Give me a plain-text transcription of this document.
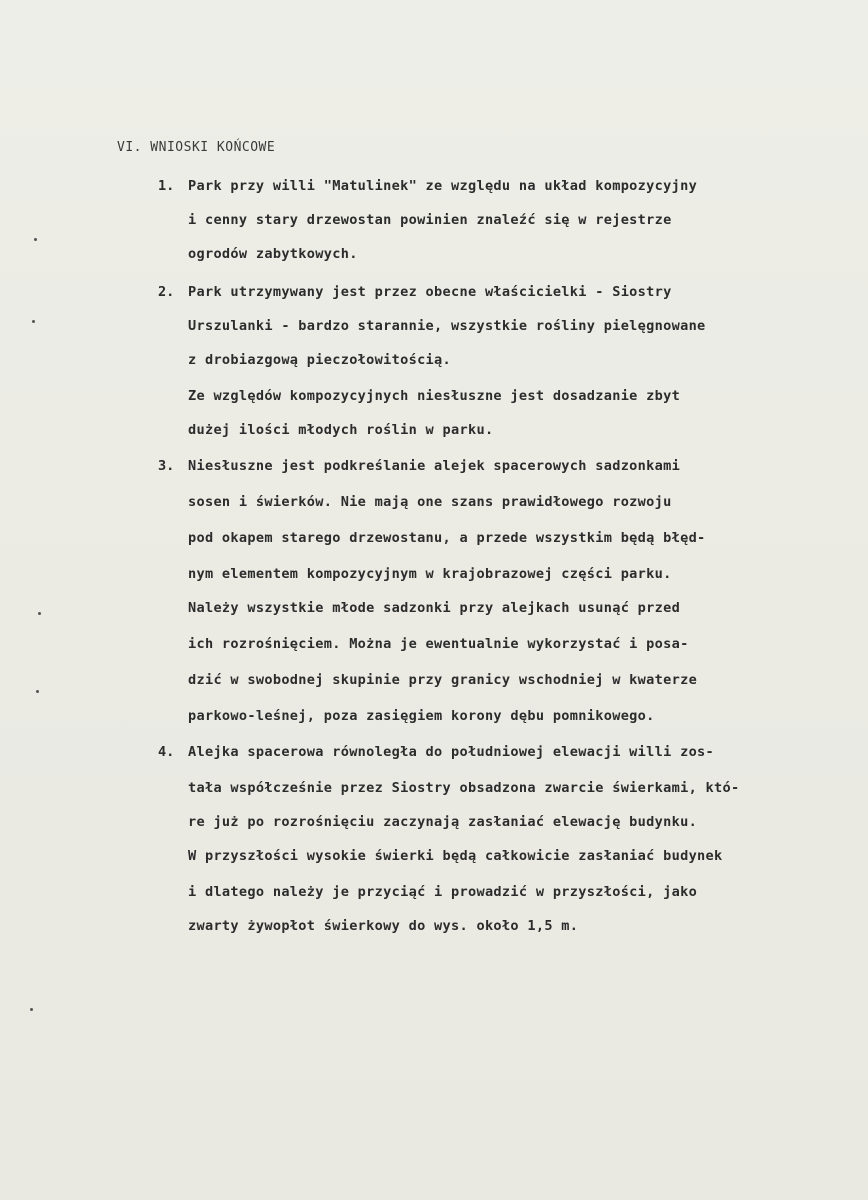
VI. WNIOSKI KOŃCOWE
1. Park przy willi "Matulinek" ze względu na układ kompozycyjny
i cenny stary drzewostan powinien znaleźć się w rejestrze
ogrodów zabytkowych.
2. Park utrzymywany jest przez obecne właścicielki - Siostry
Urszulanki - bardzo starannie, wszystkie rośliny pielęgnowane
z drobiazgową pieczołowitością.
Ze względów kompozycyjnych niesłuszne jest dosadzanie zbyt
dużej ilości młodych roślin w parku.
3. Niesłuszne jest podkreślanie alejek spacerowych sadzonkami
sosen i świerków. Nie mają one szans prawidłowego rozwoju
pod okapem starego drzewostanu, a przede wszystkim będą błęd-
nym elementem kompozycyjnym w krajobrazowej części parku.
Należy wszystkie młode sadzonki przy alejkach usunąć przed
ich rozrośnięciem. Można je ewentualnie wykorzystać i posa-
dzić w swobodnej skupinie przy granicy wschodniej w kwaterze
parkowo-leśnej, poza zasięgiem korony dębu pomnikowego.
4. Alejka spacerowa równoległa do południowej elewacji willi zos-
tała współcześnie przez Siostry obsadzona zwarcie świerkami, któ-
re już po rozrośnięciu zaczynają zasłaniać elewację budynku.
W przyszłości wysokie świerki będą całkowicie zasłaniać budynek
i dlatego należy je przyciąć i prowadzić w przyszłości, jako
zwarty żywopłot świerkowy do wys. około 1,5 m.
